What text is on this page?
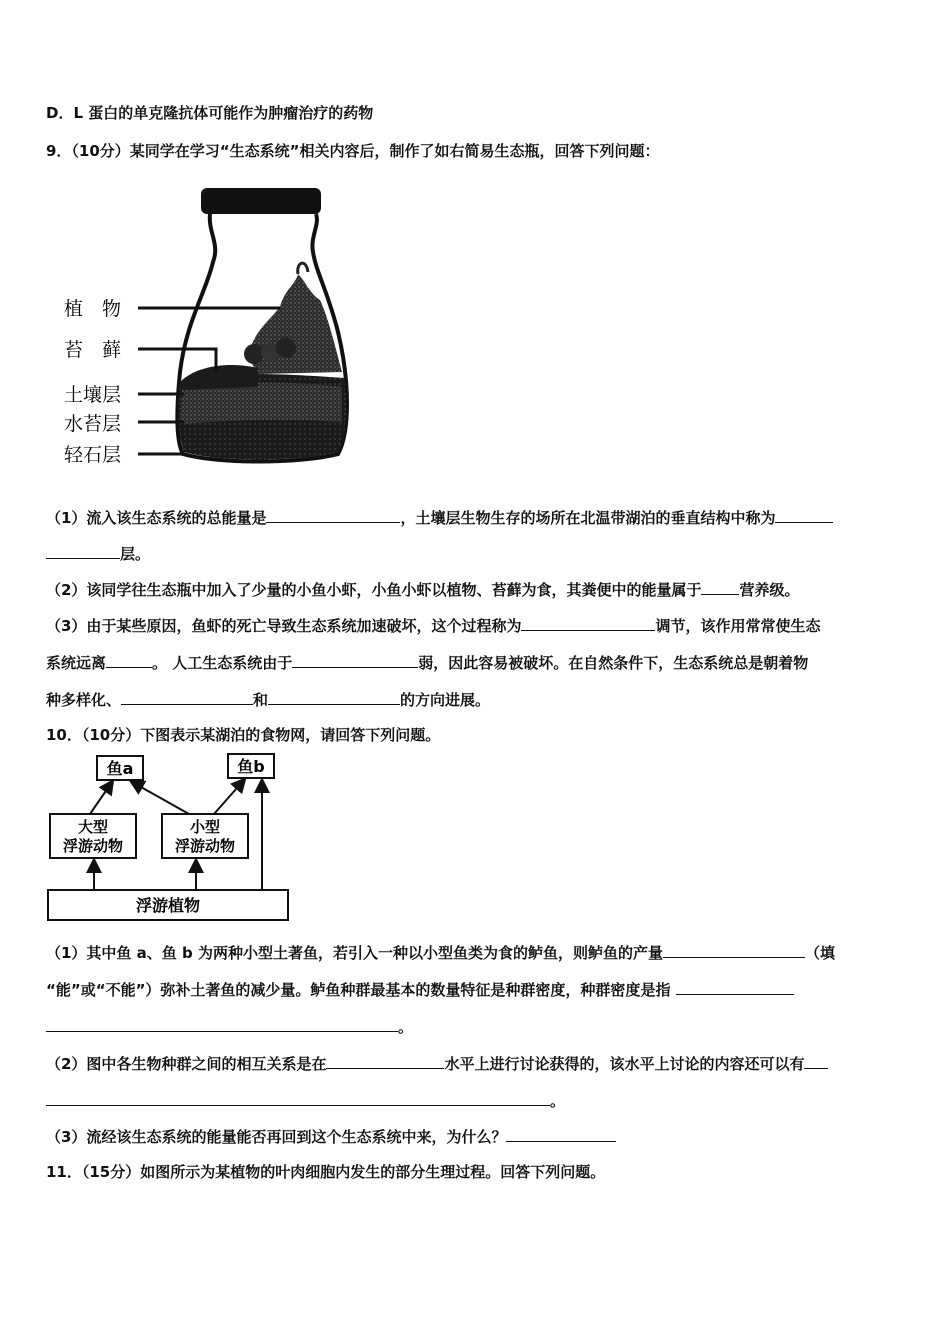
D．L 蛋白的单克隆抗体可能作为肿瘤治疗的药物
9．（10分）某同学在学习“生态系统”相关内容后，制作了如右简易生态瓶，回答下列问题：
植　物
苔　藓
土壤层
水苔层
轻石层
（1）流入该生态系统的总能量是	，土壤层生物生存的场所在北温带湖泊的垂直结构中称为
层。
（2）该同学往生态瓶中加入了少量的小鱼小虾，小鱼小虾以植物、苔藓为食，其粪便中的能量属于	营养级。
（3）由于某些原因，鱼虾的死亡导致生态系统加速破坏，这个过程称为	调节，该作用常常使生态
系统远离	。 人工生态系统由于	弱，因此容易被破坏。在自然条件下，生态系统总是朝着物
种多样化、	和	的方向进展。
10．（10分）下图表示某湖泊的食物网，请回答下列问题。
鱼a	鱼b
大型
浮游动物
小型
浮游动物
浮游植物
（1）其中鱼 a、鱼 b 为两种小型土著鱼，若引入一种以小型鱼类为食的鲈鱼，则鲈鱼的产量	（填
“能”或“不能”）弥补土著鱼的减少量。鲈鱼种群最基本的数量特征是种群密度，种群密度是指
。
（2）图中各生物种群之间的相互关系是在	水平上进行讨论获得的，该水平上讨论的内容还可以有
。
（3）流经该生态系统的能量能否再回到这个生态系统中来，为什么？
11．（15分）如图所示为某植物的叶肉细胞内发生的部分生理过程。回答下列问题。
